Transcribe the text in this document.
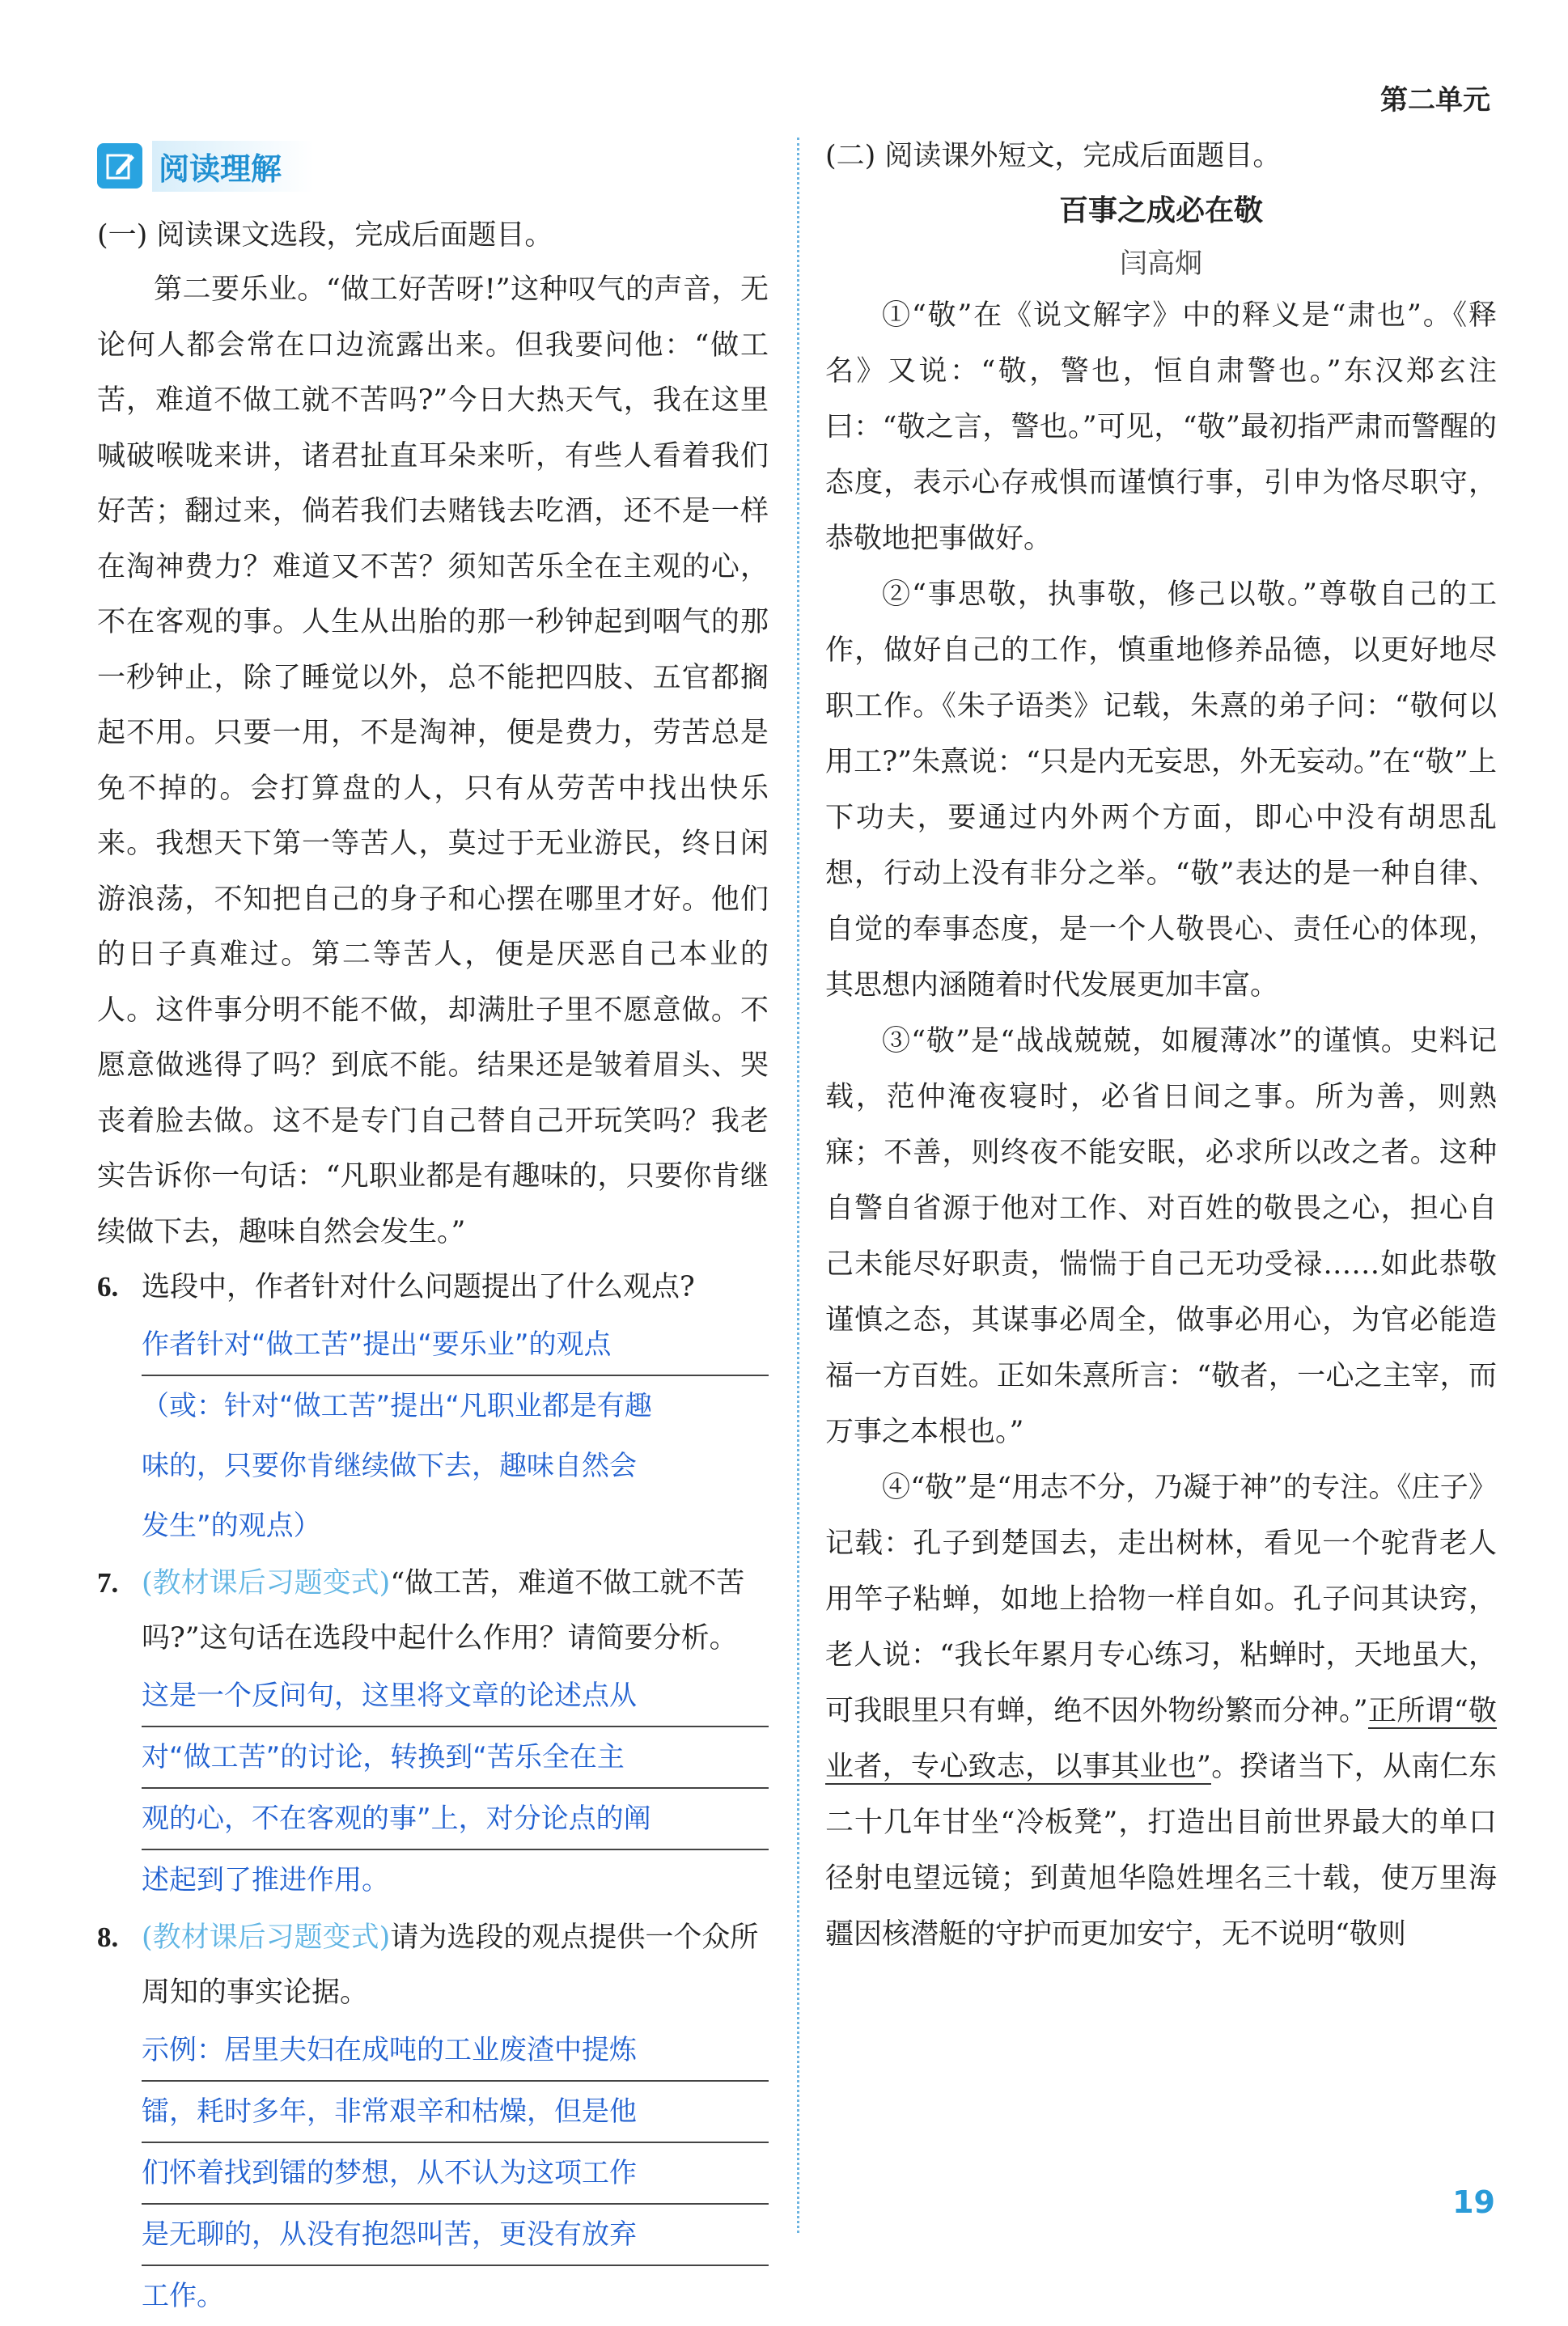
第二单元
阅读理解
(一) 阅读课文选段，完成后面题目。

第二要乐业。“做工好苦呀!”这种叹气的声音，无论何人都会常在口边流露出来。但我要问他：“做工苦，难道不做工就不苦吗?”今日大热天气，我在这里喊破喉咙来讲，诸君扯直耳朵来听，有些人看着我们好苦；翻过来，倘若我们去赌钱去吃酒，还不是一样在淘神费力？难道又不苦？须知苦乐全在主观的心，不在客观的事。人生从出胎的那一秒钟起到咽气的那一秒钟止，除了睡觉以外，总不能把四肢、五官都搁起不用。只要一用，不是淘神，便是费力，劳苦总是免不掉的。会打算盘的人，只有从劳苦中找出快乐来。我想天下第一等苦人，莫过于无业游民，终日闲游浪荡，不知把自己的身子和心摆在哪里才好。他们的日子真难过。第二等苦人，便是厌恶自己本业的人。这件事分明不能不做，却满肚子里不愿意做。不愿意做逃得了吗？到底不能。结果还是皱着眉头、哭丧着脸去做。这不是专门自己替自己开玩笑吗？我老实告诉你一句话：“凡职业都是有趣味的，只要你肯继续做下去，趣味自然会发生。”

6. 选段中，作者针对什么问题提出了什么观点?
作者针对“做工苦”提出“要乐业”的观点
（或：针对“做工苦”提出“凡职业都是有趣
味的，只要你肯继续做下去，趣味自然会
发生”的观点）
7. (教材课后习题变式)“做工苦，难道不做工就不苦吗?”这句话在选段中起什么作用？请简要分析。
这是一个反问句，这里将文章的论述点从
对“做工苦”的讨论，转换到“苦乐全在主
观的心，不在客观的事”上，对分论点的阐
述起到了推进作用。
8. (教材课后习题变式)请为选段的观点提供一个众所周知的事实论据。
示例：居里夫妇在成吨的工业废渣中提炼
镭，耗时多年，非常艰辛和枯燥，但是他
们怀着找到镭的梦想，从不认为这项工作
是无聊的，从没有抱怨叫苦，更没有放弃
工作。
(二) 阅读课外短文，完成后面题目。
百事之成必在敬
闫高炯

①“敬”在《说文解字》中的释义是“肃也”。《释名》又说：“敬，警也，恒自肃警也。”东汉郑玄注曰：“敬之言，警也。”可见，“敬”最初指严肃而警醒的态度，表示心存戒惧而谨慎行事，引申为恪尽职守，恭敬地把事做好。

②“事思敬，执事敬，修己以敬。”尊敬自己的工作，做好自己的工作，慎重地修养品德，以更好地尽职工作。《朱子语类》记载，朱熹的弟子问：“敬何以用工?”朱熹说：“只是内无妄思，外无妄动。”在“敬”上下功夫，要通过内外两个方面，即心中没有胡思乱想，行动上没有非分之举。“敬”表达的是一种自律、自觉的奉事态度，是一个人敬畏心、责任心的体现，其思想内涵随着时代发展更加丰富。

③“敬”是“战战兢兢，如履薄冰”的谨慎。史料记载，范仲淹夜寝时，必省日间之事。所为善，则熟寐；不善，则终夜不能安眠，必求所以改之者。这种自警自省源于他对工作、对百姓的敬畏之心，担心自己未能尽好职责，惴惴于自己无功受禄……如此恭敬谨慎之态，其谋事必周全，做事必用心，为官必能造福一方百姓。正如朱熹所言：“敬者，一心之主宰，而万事之本根也。”

④“敬”是“用志不分，乃凝于神”的专注。《庄子》记载：孔子到楚国去，走出树林，看见一个驼背老人用竿子粘蝉，如地上拾物一样自如。孔子问其诀窍，老人说：“我长年累月专心练习，粘蝉时，天地虽大，可我眼里只有蝉，绝不因外物纷繁而分神。”正所谓“敬业者，专心致志，以事其业也”。揆诸当下，从南仁东二十几年甘坐“冷板凳”，打造出目前世界最大的单口径射电望远镜；到黄旭华隐姓埋名三十载，使万里海疆因核潜艇的守护而更加安宁，无不说明“敬则

19
